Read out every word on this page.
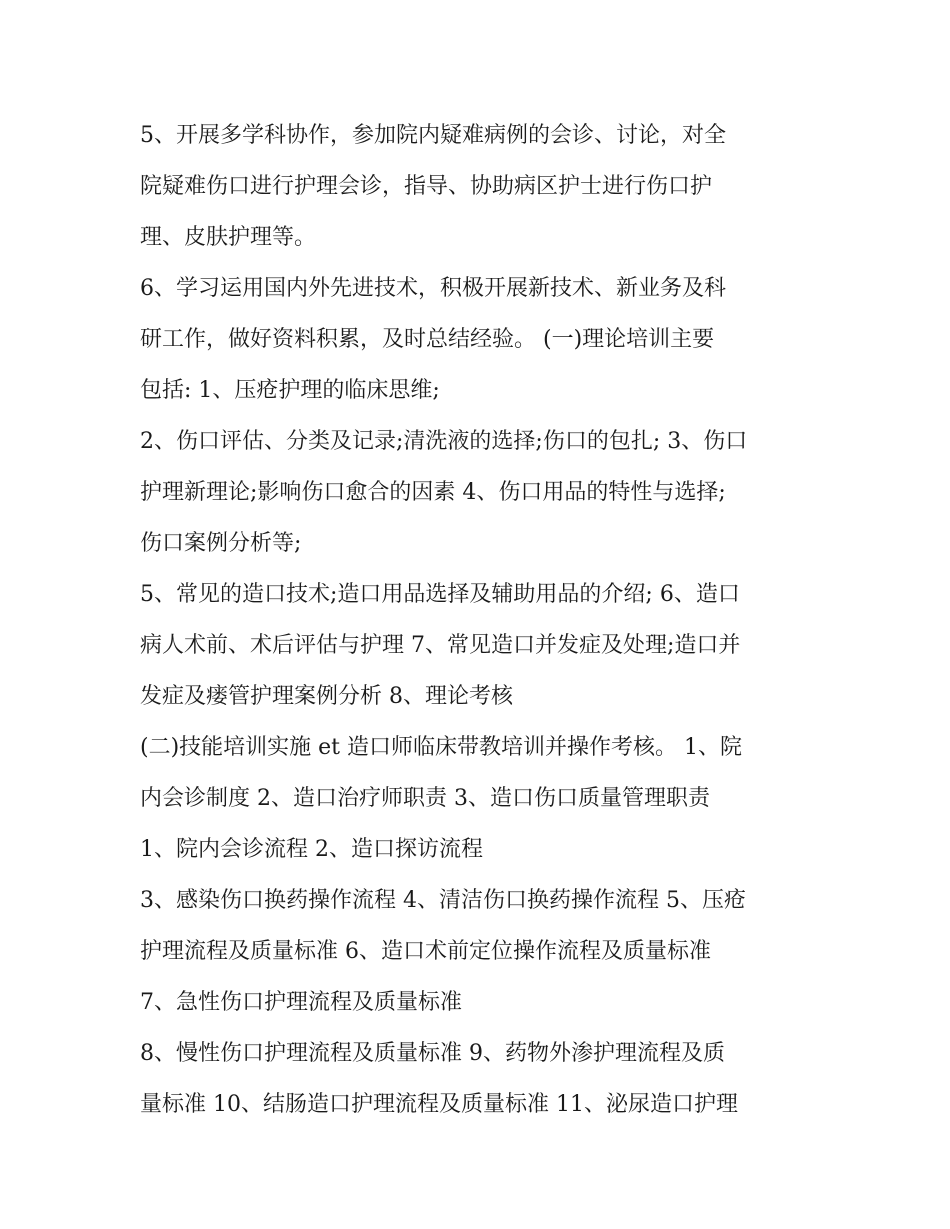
5、开展多学科协作，参加院内疑难病例的会诊、讨论，对全
院疑难伤口进行护理会诊，指导、协助病区护士进行伤口护
理、皮肤护理等。
6、学习运用国内外先进技术，积极开展新技术、新业务及科
研工作，做好资料积累，及时总结经验。 (一)理论培训主要
包括: 1、压疮护理的临床思维;
2、伤口评估、分类及记录;清洗液的选择;伤口的包扎; 3、伤口
护理新理论;影响伤口愈合的因素 4、伤口用品的特性与选择;
伤口案例分析等;
5、常见的造口技术;造口用品选择及辅助用品的介绍; 6、造口
病人术前、术后评估与护理 7、常见造口并发症及处理;造口并
发症及瘘管护理案例分析 8、理论考核
(二)技能培训实施 et 造口师临床带教培训并操作考核。 1、院
内会诊制度 2、造口治疗师职责 3、造口伤口质量管理职责
1、院内会诊流程 2、造口探访流程
3、感染伤口换药操作流程 4、清洁伤口换药操作流程 5、压疮
护理流程及质量标准 6、造口术前定位操作流程及质量标准
7、急性伤口护理流程及质量标准
8、慢性伤口护理流程及质量标准 9、药物外渗护理流程及质
量标准 10、结肠造口护理流程及质量标准 11、泌尿造口护理
